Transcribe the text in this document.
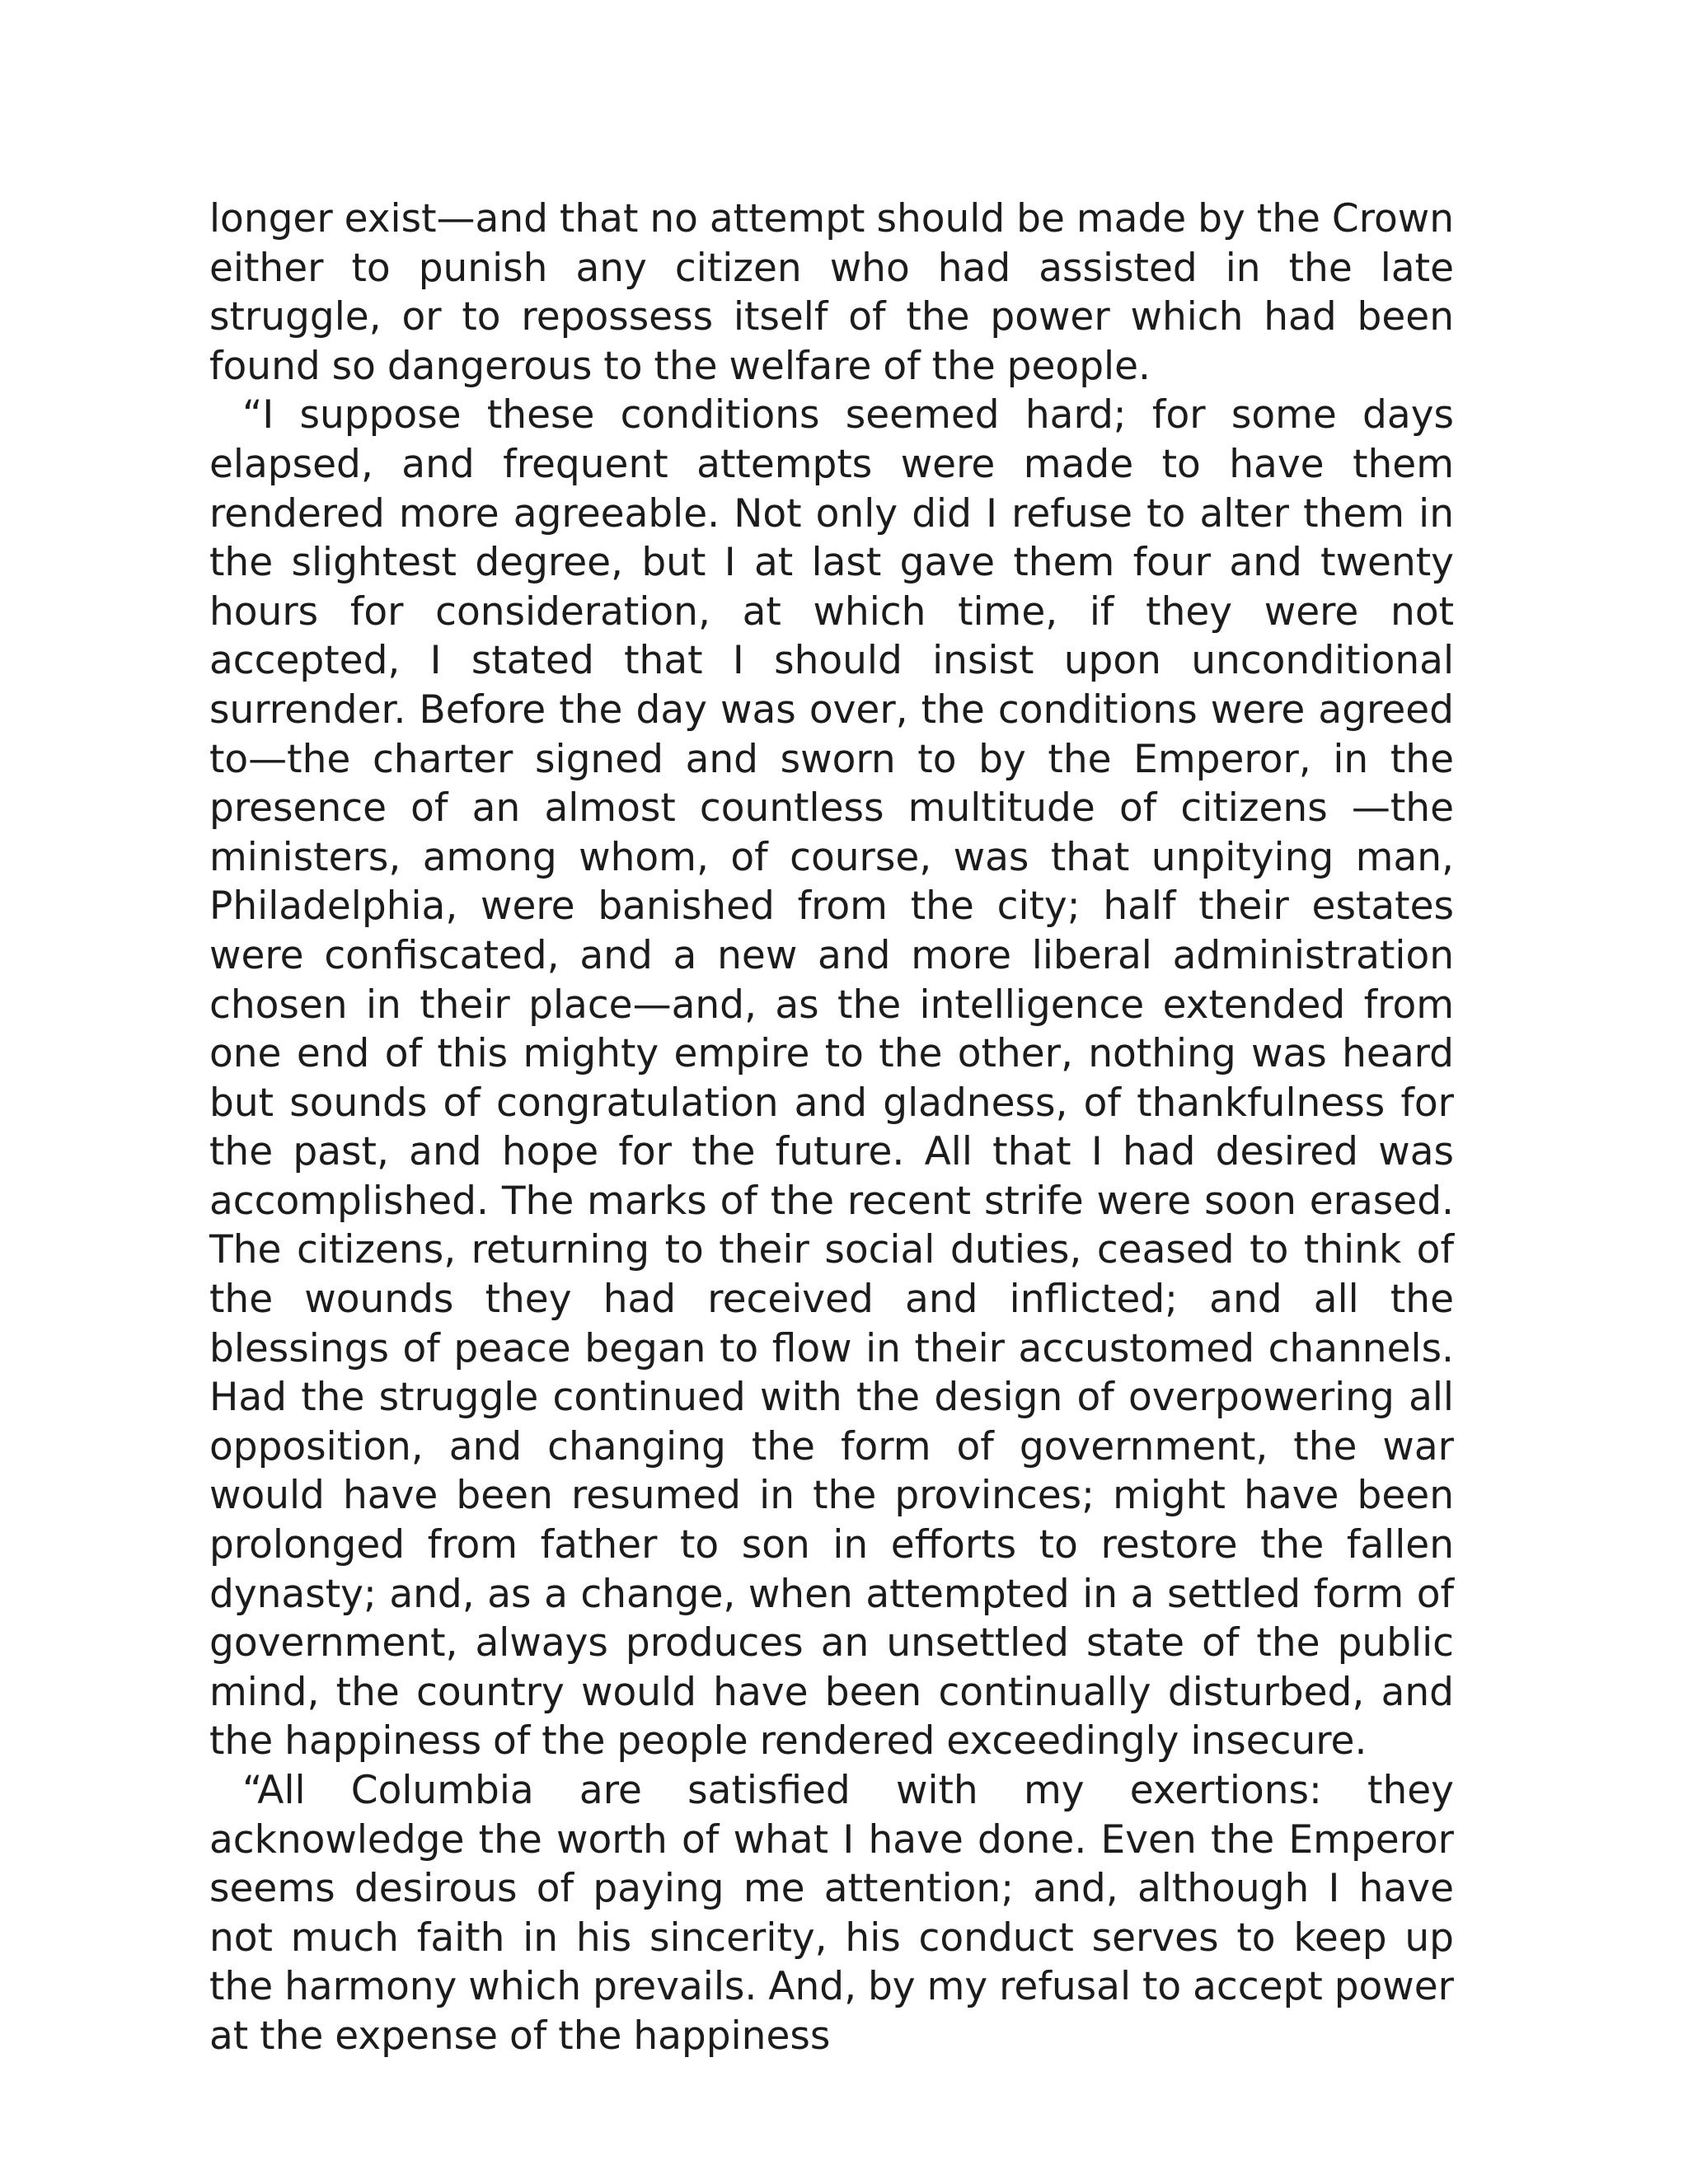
longer exist—and that no attempt should be made by the Crown either to punish any citizen who had assisted in the late struggle, or to repossess itself of the power which had been found so dangerous to the welfare of the people.

“I suppose these conditions seemed hard; for some days elapsed, and frequent attempts were made to have them rendered more agreeable. Not only did I refuse to alter them in the slightest degree, but I at last gave them four and twenty hours for consideration, at which time, if they were not accepted, I stated that I should insist upon unconditional surrender. Before the day was over, the conditions were agreed to—the charter signed and sworn to by the Emperor, in the presence of an almost countless multitude of citizens —the ministers, among whom, of course, was that unpitying man, Philadelphia, were banished from the city; half their estates were confiscated, and a new and more liberal administration chosen in their place—and, as the intelligence extended from one end of this mighty empire to the other, nothing was heard but sounds of congratulation and gladness, of thankfulness for the past, and hope for the future. All that I had desired was accomplished. The marks of the recent strife were soon erased. The citizens, returning to their social duties, ceased to think of the wounds they had received and inflicted; and all the blessings of peace began to flow in their accustomed channels. Had the struggle continued with the design of overpowering all opposition, and changing the form of government, the war would have been resumed in the provinces; might have been prolonged from father to son in efforts to restore the fallen dynasty; and, as a change, when attempted in a settled form of government, always produces an unsettled state of the public mind, the country would have been continually disturbed, and the happiness of the people rendered exceedingly insecure.

“All Columbia are satisfied with my exertions: they acknowledge the worth of what I have done. Even the Emperor seems desirous of paying me attention; and, although I have not much faith in his sincerity, his conduct serves to keep up the harmony which prevails. And, by my refusal to accept power at the expense of the happiness
